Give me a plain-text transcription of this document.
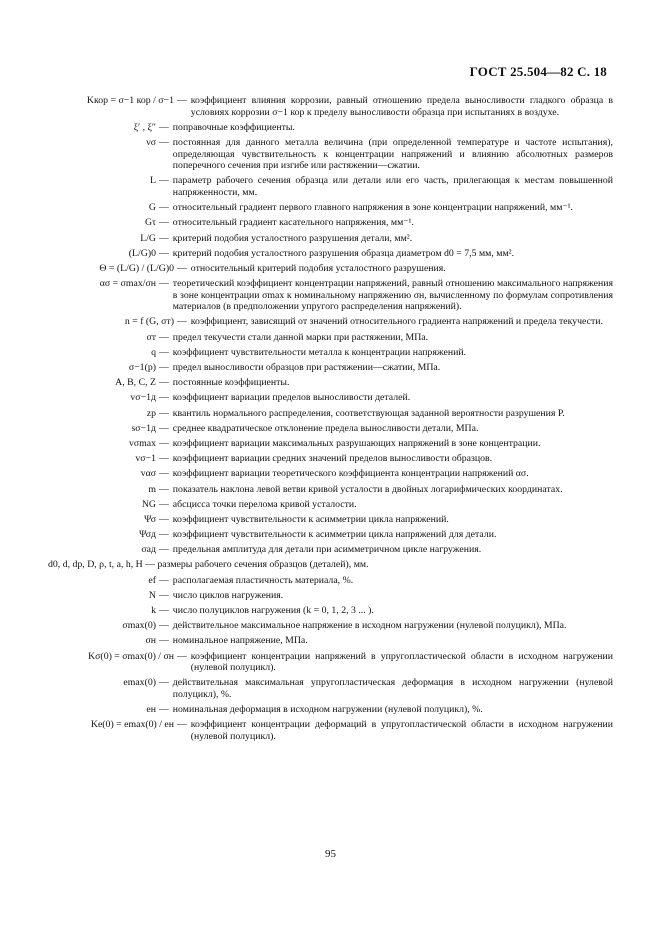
ГОСТ 25.504—82 С. 18
Kкор = σ−1 кор / σ−1 — коэффициент влияния коррозии, равный отношению предела выносливости гладкого образца в условиях коррозии σ−1 кор к пределу выносливости образца при испытаниях в воздухе.
ξ′ , ξ″ — поправочные коэффициенты.
νσ — постоянная для данного металла величина (при определенной температуре и частоте испытания), определяющая чувствительность к концентрации напряжений и влиянию абсолютных размеров поперечного сечения при изгибе или растяжении—сжатии.
L — параметр рабочего сечения образца или детали или его часть, прилегающая к местам повышенной напряженности, мм.
G — относительный градиент первого главного напряжения в зоне концентрации напряжений, мм⁻¹.
Gτ — относительный градиент касательного напряжения, мм⁻¹.
L/G — критерий подобия усталостного разрушения детали, мм².
(L/G)0 — критерий подобия усталостного разрушения образца диаметром d0 = 7,5 мм, мм².
Θ = (L/G) / (L/G)0 — относительный критерий подобия усталостного разрушения.
ασ = σmax/σн — теоретический коэффициент концентрации напряжений, равный отношению максимального напряжения в зоне концентрации σmax к номинальному напряжению σн, вычисленному по формулам сопротивления материалов (в предположении упругого распределения напряжений).
n = f (G, σт) — коэффициент, зависящий от значений относительного градиента напряжений и предела текучести.
σт — предел текучести стали данной марки при растяжении, МПа.
q — коэффициент чувствительности металла к концентрации напряжений.
σ−1(p) — предел выносливости образцов при растяжении—сжатии, МПа.
A, B, C, Z — постоянные коэффициенты.
vσ−1д — коэффициент вариации пределов выносливости деталей.
zp — квантиль нормального распределения, соответствующая заданной вероятности разрушения P.
sσ−1д — среднее квадратическое отклонение предела выносливости детали, МПа.
vσmax — коэффициент вариации максимальных разрушающих напряжений в зоне концентрации.
vσ−1 — коэффициент вариации средних значений пределов выносливости образцов.
vασ — коэффициент вариации теоретического коэффициента концентрации напряжений ασ.
m — показатель наклона левой ветви кривой усталости в двойных логарифмических координатах.
NG — абсцисса точки перелома кривой усталости.
Ψσ — коэффициент чувствительности к асимметрии цикла напряжений.
Ψσд — коэффициент чувствительности к асимметрии цикла напряжений для детали.
σад — предельная амплитуда для детали при асимметричном цикле нагружения.
d0, d, dp, D, ρ, t, a, h, H — размеры рабочего сечения образцов (деталей), мм.
ef — располагаемая пластичность материала, %.
N — число циклов нагружения.
k — число полуциклов нагружения (k = 0, 1, 2, 3 ... ).
σmax(0) — действительное максимальное напряжение в исходном нагружении (нулевой полуцикл), МПа.
σн — номинальное напряжение, МПа.
Kσ(0) = σmax(0) / σн — коэффициент концентрации напряжений в упругопластической области в исходном нагружении (нулевой полуцикл).
emax(0) — действительная максимальная упругопластическая деформация в исходном нагружении (нулевой полуцикл), %.
eн — номинальная деформация в исходном нагружении (нулевой полуцикл), %.
Ke(0) = emax(0) / eн — коэффициент концентрации деформаций в упругопластической области в исходном нагружении (нулевой полуцикл).
95
